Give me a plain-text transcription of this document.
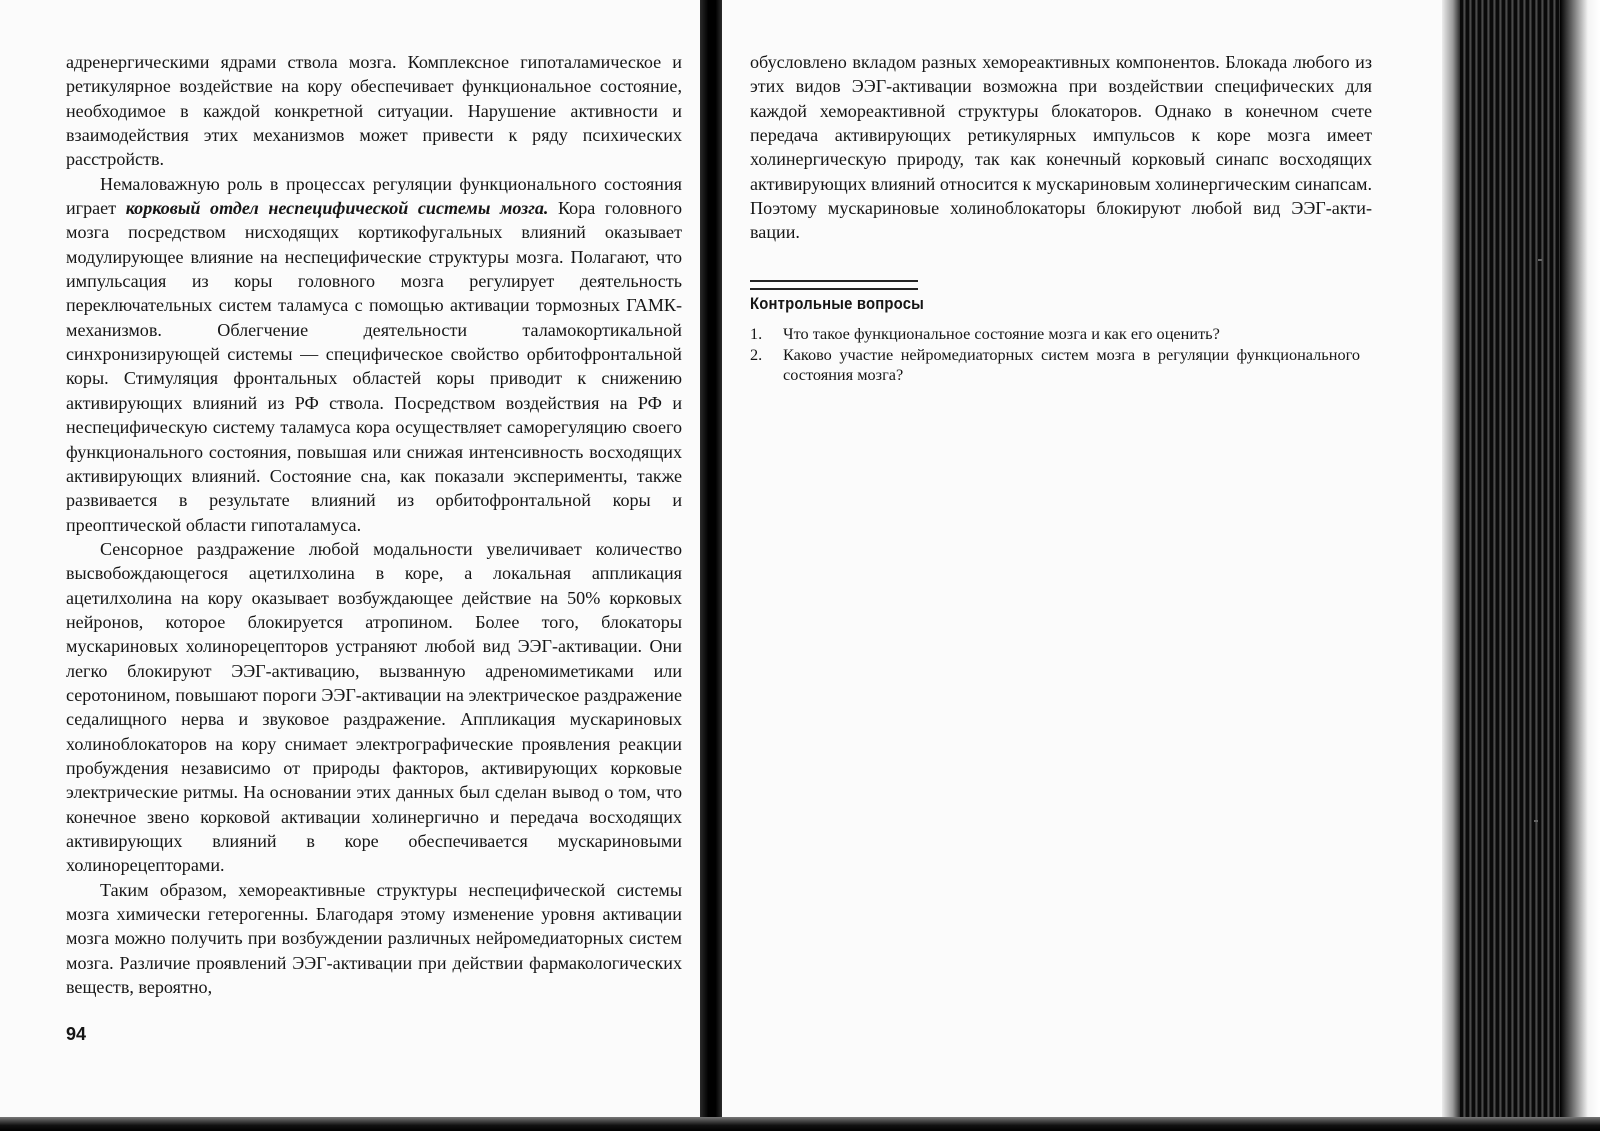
адренергическими ядрами ствола мозга. Комплексное гипоталамическое и ретикулярное воздействие на кору обеспечивает функциональное состояние, необходимое в каждой конкретной ситуации. Нарушение активности и взаимодействия этих механизмов может привести к ряду психических расстройств.

Немаловажную роль в процессах регуляции функционального состояния играет корковый отдел неспецифической системы мозга. Кора головного мозга посредством нисходящих кортикофугальных влияний оказывает модулирующее влияние на неспецифические структуры мозга. Полагают, что импульсация из коры головного мозга регулирует деятельность переключательных систем таламуса с помощью активации тормозных ГАМК-механизмов. Облегчение деятельности таламокортикальной синхронизирующей системы — специфическое свойство орбитофронтальной коры. Стимуляция фронтальных областей коры приводит к снижению активирующих влияний из РФ ствола. Посредством воздействия на РФ и неспецифическую систему таламуса кора осуществляет саморегуляцию своего функционального состояния, повышая или снижая интенсивность восходящих активирующих влияний. Состояние сна, как показали эксперименты, также развивается в результате влияний из орбитофронтальной коры и преоптической области гипоталамуса.

Сенсорное раздражение любой модальности увеличивает количество высвобождающегося ацетилхолина в коре, а локальная аппликация ацетилхолина на кору оказывает возбуждающее действие на 50% корковых нейронов, которое блокируется атропином. Более того, блокаторы мускариновых холинорецепторов устраняют любой вид ЭЭГ-активации. Они легко блокируют ЭЭГ-активацию, вызванную адреномиметиками или серотонином, повышают пороги ЭЭГ-активации на электрическое раздражение седалищного нерва и звуковое раздражение. Аппликация мускариновых холиноблокаторов на кору снимает электрографические проявления реакции пробуждения независимо от природы факторов, активирующих корковые электрические ритмы. На основании этих данных был сделан вывод о том, что конечное звено корковой активации холинергично и передача восходящих активирующих влияний в коре обеспечивается мускариновыми холинорецепторами.

Таким образом, хемореактивные структуры неспецифической системы мозга химически гетерогенны. Благодаря этому изменение уровня активации мозга можно получить при возбуждении различных нейромедиаторных систем мозга. Различие проявлений ЭЭГ-активации при действии фармакологических веществ, вероятно,

94

обусловлено вкладом разных хемореактивных компонентов. Блокада любого из этих видов ЭЭГ-активации возможна при воздействии специфических для каждой хемореактивной структуры блокаторов. Однако в конечном счете передача активирующих ретикулярных импульсов к коре мозга имеет холинергическую природу, так как конечный корковый синапс восходящих активирующих влияний относится к мускариновым холинергическим синапсам. Поэтому мускариновые холиноблокаторы блокируют любой вид ЭЭГ-активации.

Контрольные вопросы
1.	Что такое функциональное состояние мозга и как его оценить?
2.	Каково участие нейромедиаторных систем мозга в регуляции функционального состояния мозга?
